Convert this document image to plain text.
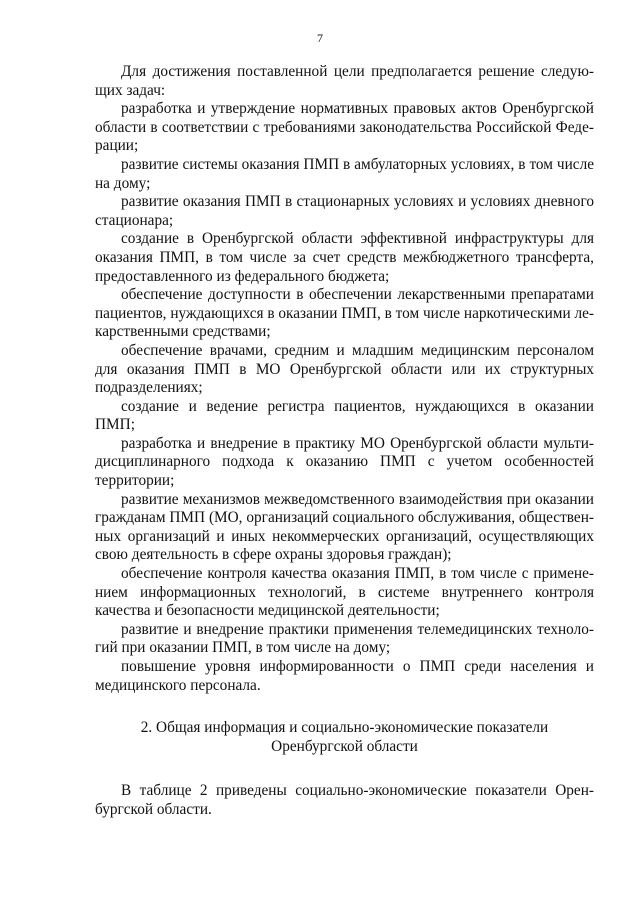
7

Для достижения поставленной цели предполагается решение следующих задач:

разработка и утверждение нормативных правовых актов Оренбургской области в соответствии с требованиями законодательства Российской Федерации;

развитие системы оказания ПМП в амбулаторных условиях, в том числе на дому;

развитие оказания ПМП в стационарных условиях и условиях дневного стационара;

создание в Оренбургской области эффективной инфраструктуры для оказания ПМП, в том числе за счет средств межбюджетного трансферта, предоставленного из федерального бюджета;

обеспечение доступности в обеспечении лекарственными препаратами пациентов, нуждающихся в оказании ПМП, в том числе наркотическими лекарственными средствами;

обеспечение врачами, средним и младшим медицинским персоналом для оказания ПМП в МО Оренбургской области или их структурных подразделениях;

создание и ведение регистра пациентов, нуждающихся в оказании ПМП;

разработка и внедрение в практику МО Оренбургской области мультидисциплинарного подхода к оказанию ПМП с учетом особенностей территории;

развитие механизмов межведомственного взаимодействия при оказании гражданам ПМП (МО, организаций социального обслуживания, общественных организаций и иных некоммерческих организаций, осуществляющих свою деятельность в сфере охраны здоровья граждан);

обеспечение контроля качества оказания ПМП, в том числе с применением информационных технологий, в системе внутреннего контроля качества и безопасности медицинской деятельности;

развитие и внедрение практики применения телемедицинских технологий при оказании ПМП, в том числе на дому;

повышение уровня информированности о ПМП среди населения и медицинского персонала.

2. Общая информация и социально-экономические показатели
Оренбургской области

В таблице 2 приведены социально-экономические показатели Оренбургской области.
